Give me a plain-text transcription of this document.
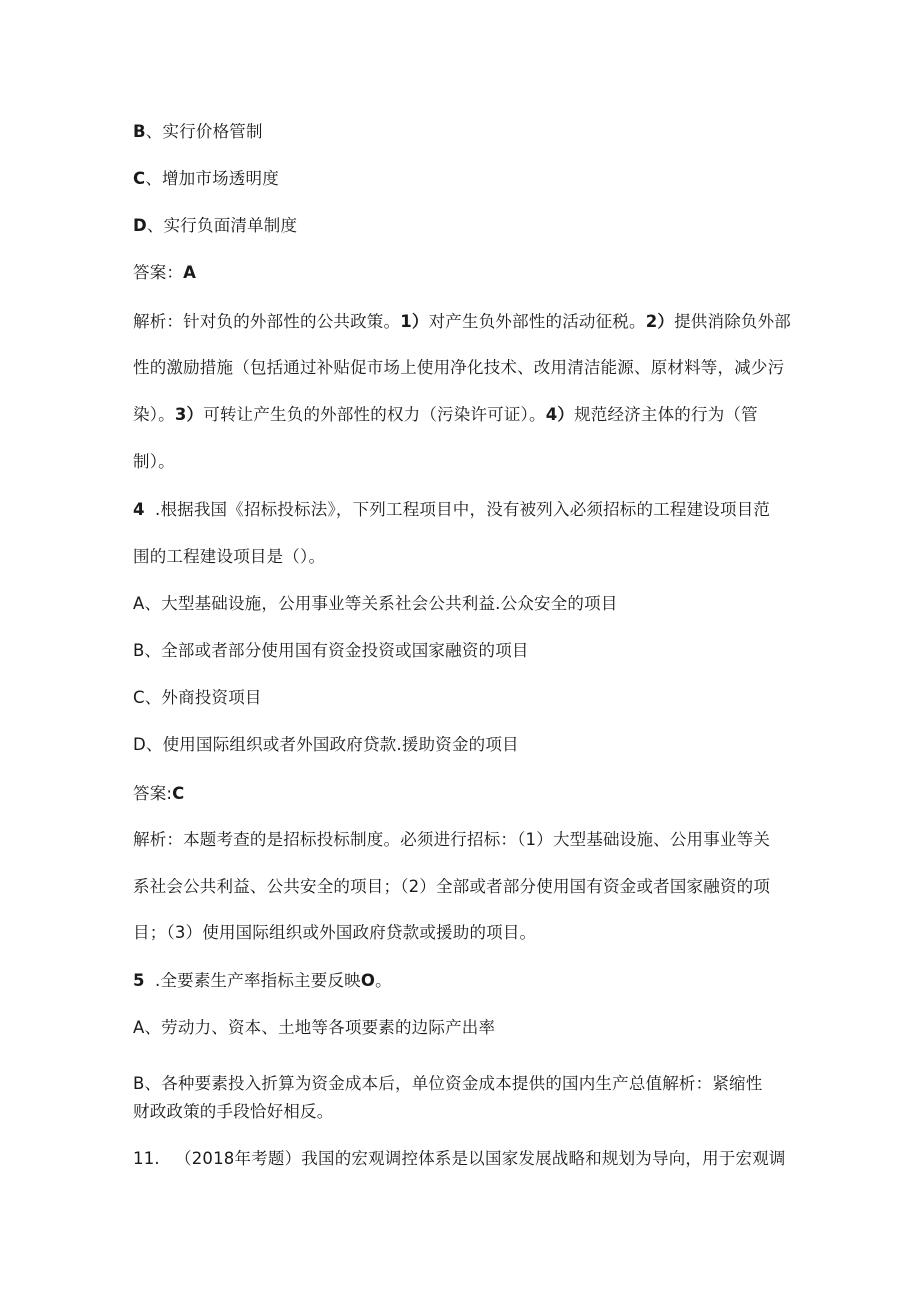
B、实行价格管制
C、增加市场透明度
D、实行负面清单制度
答案：A
解析：针对负的外部性的公共政策。1）对产生负外部性的活动征税。2）提供消除负外部
性的激励措施（包括通过补贴促市场上使用净化技术、改用清洁能源、原材料等，减少污
染）。3）可转让产生负的外部性的权力（污染许可证）。4）规范经济主体的行为（管
制）。
4 .根据我国《招标投标法》，下列工程项目中，没有被列入必须招标的工程建设项目范
围的工程建设项目是（）。
A、大型基础设施，公用事业等关系社会公共利益.公众安全的项目
B、全部或者部分使用国有资金投资或国家融资的项目
C、外商投资项目
D、使用国际组织或者外国政府贷款.援助资金的项目
答案:C
解析：本题考查的是招标投标制度。必须进行招标：（1）大型基础设施、公用事业等关
系社会公共利益、公共安全的项目；（2）全部或者部分使用国有资金或者国家融资的项
目；（3）使用国际组织或外国政府贷款或援助的项目。
5 .全要素生产率指标主要反映O。
A、劳动力、资本、土地等各项要素的边际产出率
B、各种要素投入折算为资金成本后，单位资金成本提供的国内生产总值解析：紧缩性
财政政策的手段恰好相反。
11. （2018年考题）我国的宏观调控体系是以国家发展战略和规划为导向，用于宏观调
